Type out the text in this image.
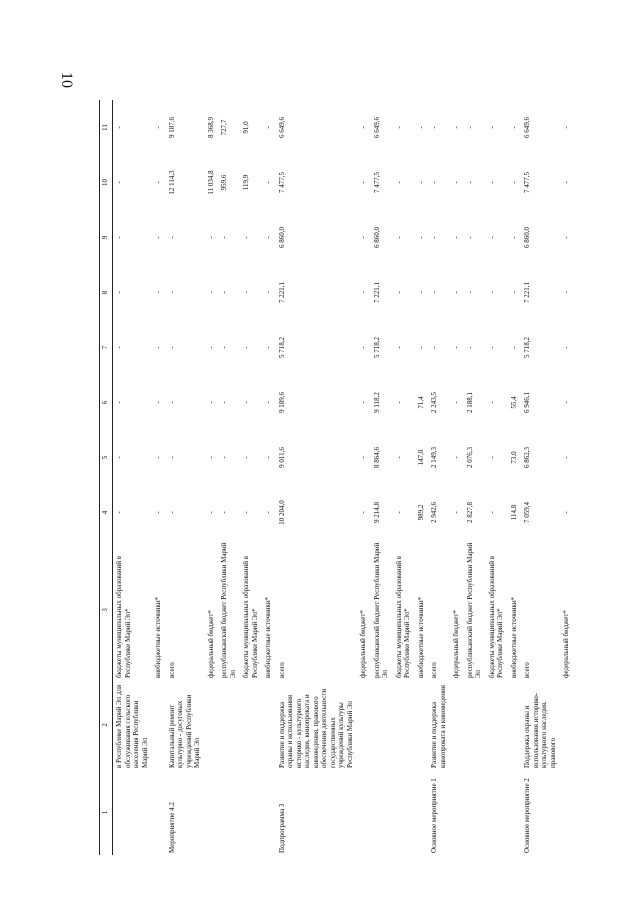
10
1	2	3	4	5	6	7	8	9	10	11
	в Республике Марий Эл для обслуживания сельского населения Республики Марий Эл	бюджеты муниципальных образований в Республике Марий Эл*	-	-	-	-	-	-	-	-
		внебюджетные источники*	-	-	-	-	-	-	-	-
Мероприятие 4.2	Капитальный ремонт культурно - досуговых учреждений Республики Марий Эл	всего	-	-	-	-	-	-	12 114,3	9 187,6
		федеральный бюджет*	-	-	-	-	-	-	11 034,8	8 368,9
		республиканский бюджет Республики Марий Эл	-	-	-	-	-	-	959,6	727,7
		бюджеты муниципальных образований в Республике Марий Эл*	-	-	-	-	-	-	119,9	91,0
		внебюджетные источники*	-	-	-	-	-	-	-	-
Подпрограмма 3	Развитие и поддержка охраны и использования историко - культурного наследия, кинопроката и киноведения, правового обеспечения деятельности государственных учреждений культуры Республики Марий Эл	всего	10 204,0	9 011,6	9 189,6	5 718,2	7 221,1	6 860,0	7 477,5	6 649,6
		федеральный бюджет*	-	-	-	-	-	-	-	-
		республиканский бюджет Республики Марий Эл	9 214,8	8 864,6	9 118,2	5 718,2	7 221,1	6 860,0	7 477,5	6 649,6
		бюджеты муниципальных образований в Республике Марий Эл*	-	-	-	-	-	-	-	-
		внебюджетные источники*	989,2	147,0	71,4	-	-	-	-	-
Основное мероприятие 1	Развитие и поддержка кинопроката и киноведения	всего	2 942,6	2 149,3	2 243,5	-	-	-	-	-
		федеральный бюджет*	-	-	-	-	-	-	-	-
		республиканский бюджет Республики Марий Эл	2 827,8	2 076,3	2 188,1	-	-	-	-	-
		бюджеты муниципальных образований в Республике Марий Эл*	-	-	-	-	-	-	-	-
		внебюджетные источники*	114,8	73,0	55,4	-	-	-	-	-
Основное мероприятие 2	Поддержка охраны и использования историко-культурного наследия, правового	всего	7 059,4	6 862,3	6 946,1	5 718,2	7 221,1	6 860,0	7 477,5	6 649,6
		федеральный бюджет*	-	-	-	-	-	-	-	-
